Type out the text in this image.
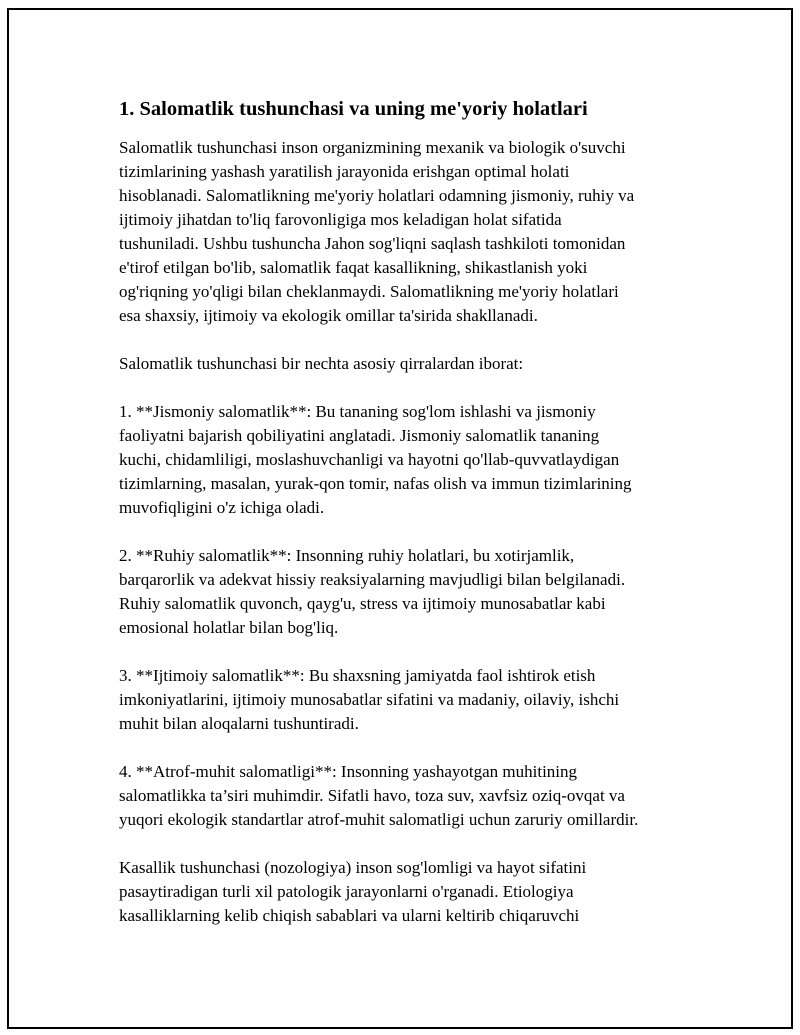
1. Salomatlik tushunchasi va uning me'yoriy holatlari
Salomatlik tushunchasi inson organizmining mexanik va biologik o'suvchi
tizimlarining yashash yaratilish jarayonida erishgan optimal holati
hisoblanadi. Salomatlikning me'yoriy holatlari odamning jismoniy, ruhiy va
ijtimoiy jihatdan to'liq farovonligiga mos keladigan holat sifatida
tushuniladi. Ushbu tushuncha Jahon sog'liqni saqlash tashkiloti tomonidan
e'tirof etilgan bo'lib, salomatlik faqat kasallikning, shikastlanish yoki
og'riqning yo'qligi bilan cheklanmaydi. Salomatlikning me'yoriy holatlari
esa shaxsiy, ijtimoiy va ekologik omillar ta'sirida shakllanadi.
Salomatlik tushunchasi bir nechta asosiy qirralardan iborat:
1. **Jismoniy salomatlik**: Bu tananing sog'lom ishlashi va jismoniy
faoliyatni bajarish qobiliyatini anglatadi. Jismoniy salomatlik tananing
kuchi, chidamliligi, moslashuvchanligi va hayotni qo'llab-quvvatlaydigan
tizimlarning, masalan, yurak-qon tomir, nafas olish va immun tizimlarining
muvofiqligini o'z ichiga oladi.
2. **Ruhiy salomatlik**: Insonning ruhiy holatlari, bu xotirjamlik,
barqarorlik va adekvat hissiy reaksiyalarning mavjudligi bilan belgilanadi.
Ruhiy salomatlik quvonch, qayg'u, stress va ijtimoiy munosabatlar kabi
emosional holatlar bilan bog'liq.
3. **Ijtimoiy salomatlik**: Bu shaxsning jamiyatda faol ishtirok etish
imkoniyatlarini, ijtimoiy munosabatlar sifatini va madaniy, oilaviy, ishchi
muhit bilan aloqalarni tushuntiradi.
4. **Atrof-muhit salomatligi**: Insonning yashayotgan muhitining
salomatlikka ta’siri muhimdir. Sifatli havo, toza suv, xavfsiz oziq-ovqat va
yuqori ekologik standartlar atrof-muhit salomatligi uchun zaruriy omillardir.
Kasallik tushunchasi (nozologiya) inson sog'lomligi va hayot sifatini
pasaytiradigan turli xil patologik jarayonlarni o'rganadi. Etiologiya
kasalliklarning kelib chiqish sabablari va ularni keltirib chiqaruvchi
